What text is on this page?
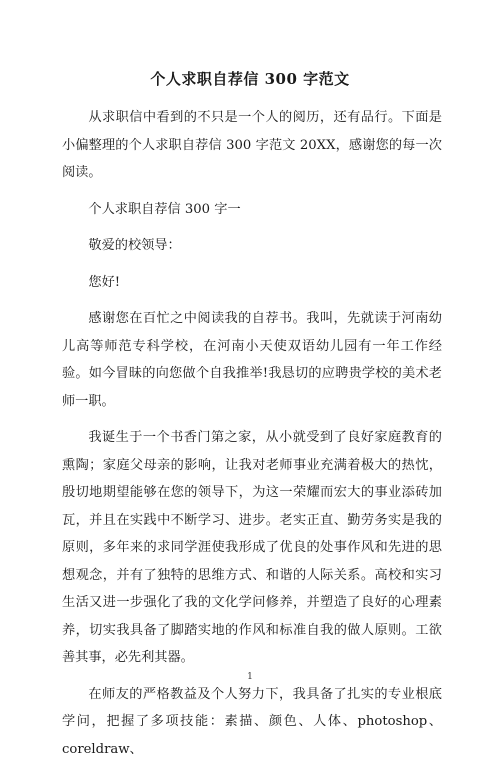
个人求职自荐信 300 字范文

从求职信中看到的不只是一个人的阅历，还有品行。下面是小偏整理的个人求职自荐信 300 字范文 20XX，感谢您的每一次阅读。

个人求职自荐信 300 字一

敬爱的校领导：

您好!

感谢您在百忙之中阅读我的自荐书。我叫，先就读于河南幼儿高等师范专科学校，在河南小天使双语幼儿园有一年工作经验。如今冒昧的向您做个自我推举!我恳切的应聘贵学校的美术老师一职。

我诞生于一个书香门第之家，从小就受到了良好家庭教育的熏陶；家庭父母亲的影响，让我对老师事业充满着极大的热忱，殷切地期望能够在您的领导下，为这一荣耀而宏大的事业添砖加瓦，并且在实践中不断学习、进步。老实正直、勤劳务实是我的原则，多年来的求同学涯使我形成了优良的处事作风和先进的思想观念，并有了独特的思维方式、和谐的人际关系。高校和实习生活又进一步强化了我的文化学问修养，并塑造了良好的心理素养，切实我具备了脚踏实地的作风和标准自我的做人原则。工欲善其事，必先利其器。

在师友的严格教益及个人努力下，我具备了扎实的专业根底学问，把握了多项技能：素描、颜色、人体、photoshop、coreldraw、

1
